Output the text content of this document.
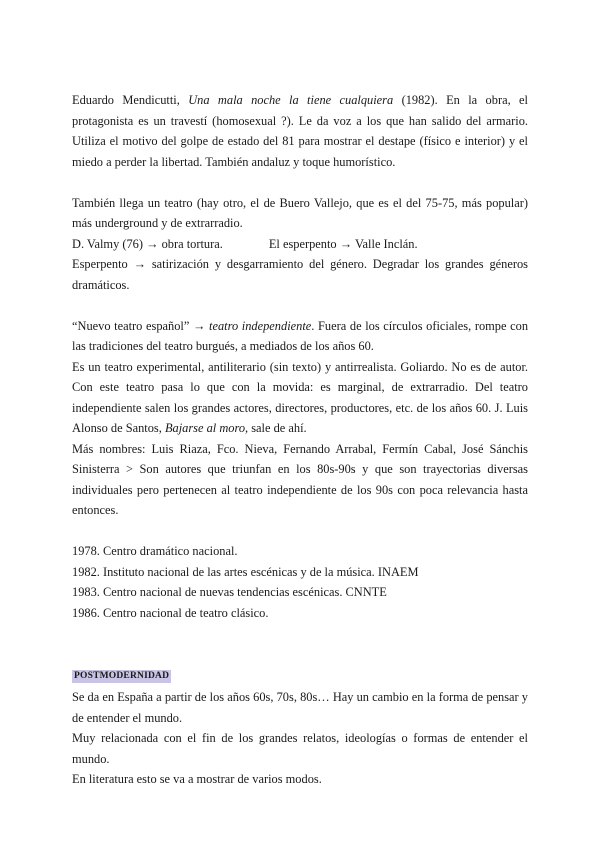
Eduardo Mendicutti, Una mala noche la tiene cualquiera (1982). En la obra, el protagonista es un travestí (homosexual ?). Le da voz a los que han salido del armario. Utiliza el motivo del golpe de estado del 81 para mostrar el destape (físico e interior) y el miedo a perder la libertad. También andaluz y toque humorístico.

También llega un teatro (hay otro, el de Buero Vallejo, que es el del 75-75, más popular) más underground y de extrarradio.

D. Valmy (76) → obra tortura.	El esperpento → Valle Inclán.

Esperpento → satirización y desgarramiento del género. Degradar los grandes géneros dramáticos.

“Nuevo teatro español” → teatro independiente. Fuera de los círculos oficiales, rompe con las tradiciones del teatro burgués, a mediados de los años 60.

Es un teatro experimental, antiliterario (sin texto) y antirrealista. Goliardo. No es de autor. Con este teatro pasa lo que con la movida: es marginal, de extrarradio. Del teatro independiente salen los grandes actores, directores, productores, etc. de los años 60. J. Luis Alonso de Santos, Bajarse al moro, sale de ahí.

Más nombres: Luis Riaza, Fco. Nieva, Fernando Arrabal, Fermín Cabal, José Sánchis Sinisterra > Son autores que triunfan en los 80s-90s y que son trayectorias diversas individuales pero pertenecen al teatro independiente de los 90s con poca relevancia hasta entonces.

1978. Centro dramático nacional.

1982. Instituto nacional de las artes escénicas y de la música. INAEM

1983. Centro nacional de nuevas tendencias escénicas. CNNTE

1986. Centro nacional de teatro clásico.

POSTMODERNIDAD

Se da en España a partir de los años 60s, 70s, 80s… Hay un cambio en la forma de pensar y de entender el mundo.

Muy relacionada con el fin de los grandes relatos, ideologías o formas de entender el mundo.

En literatura esto se va a mostrar de varios modos.
